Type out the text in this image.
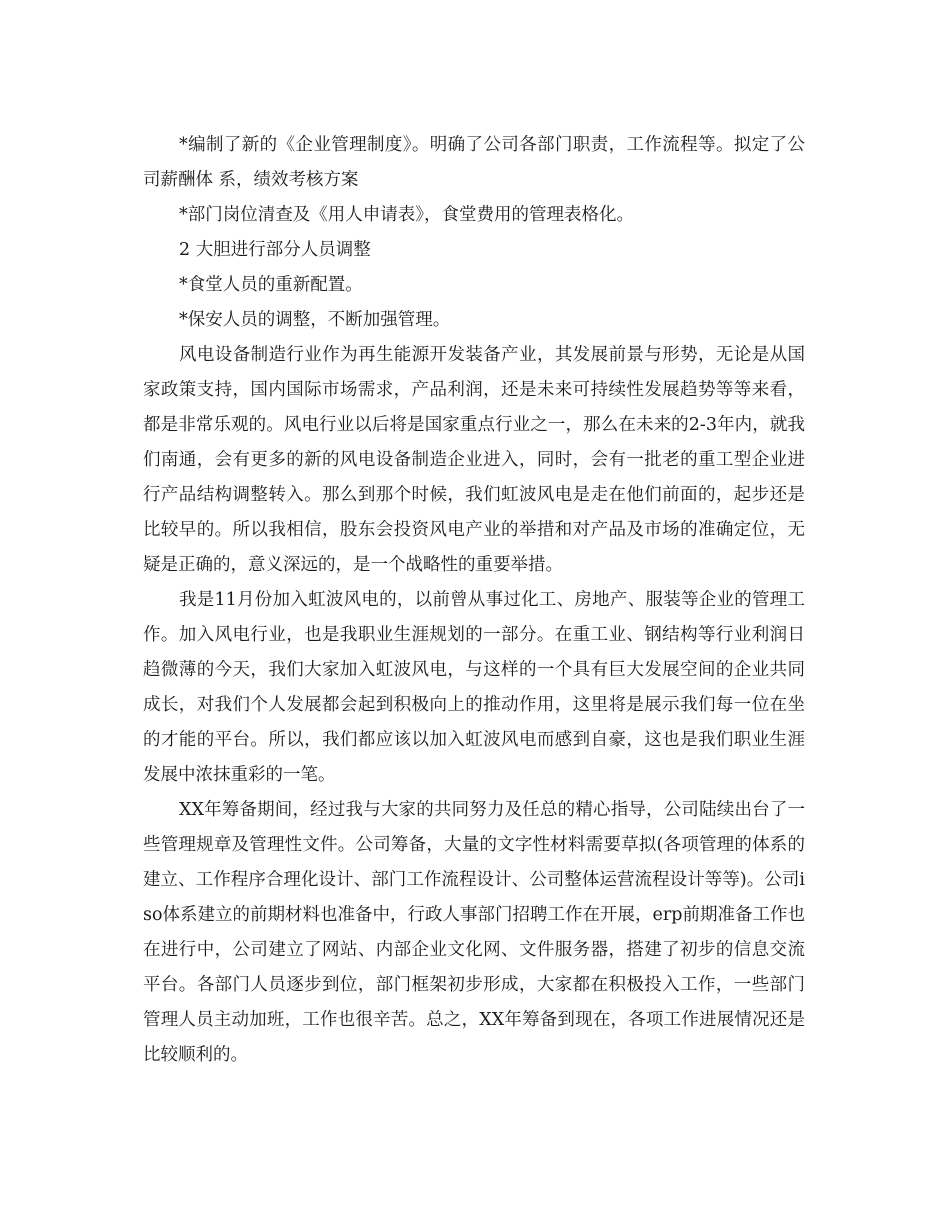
*编制了新的《企业管理制度》。明确了公司各部门职责，工作流程等。拟定了公司薪酬体 系，绩效考核方案

*部门岗位清查及《用人申请表》，食堂费用的管理表格化。

2 大胆进行部分人员调整

*食堂人员的重新配置。

*保安人员的调整，不断加强管理。

风电设备制造行业作为再生能源开发装备产业，其发展前景与形势，无论是从国家政策支持，国内国际市场需求，产品利润，还是未来可持续性发展趋势等等来看，都是非常乐观的。风电行业以后将是国家重点行业之一，那么在未来的2-3年内，就我们南通，会有更多的新的风电设备制造企业进入，同时，会有一批老的重工型企业进行产品结构调整转入。那么到那个时候，我们虹波风电是走在他们前面的，起步还是比较早的。所以我相信，股东会投资风电产业的举措和对产品及市场的准确定位，无疑是正确的，意义深远的，是一个战略性的重要举措。

我是11月份加入虹波风电的，以前曾从事过化工、房地产、服装等企业的管理工作。加入风电行业，也是我职业生涯规划的一部分。在重工业、钢结构等行业利润日趋微薄的今天，我们大家加入虹波风电，与这样的一个具有巨大发展空间的企业共同成长，对我们个人发展都会起到积极向上的推动作用，这里将是展示我们每一位在坐的才能的平台。所以，我们都应该以加入虹波风电而感到自豪，这也是我们职业生涯发展中浓抹重彩的一笔。

XX年筹备期间，经过我与大家的共同努力及任总的精心指导，公司陆续出台了一些管理规章及管理性文件。公司筹备，大量的文字性材料需要草拟(各项管理的体系的建立、工作程序合理化设计、部门工作流程设计、公司整体运营流程设计等等)。公司iso体系建立的前期材料也准备中，行政人事部门招聘工作在开展，erp前期准备工作也在进行中，公司建立了网站、内部企业文化网、文件服务器，搭建了初步的信息交流平台。各部门人员逐步到位，部门框架初步形成，大家都在积极投入工作，一些部门管理人员主动加班，工作也很辛苦。总之，XX年筹备到现在，各项工作进展情况还是比较顺利的。
